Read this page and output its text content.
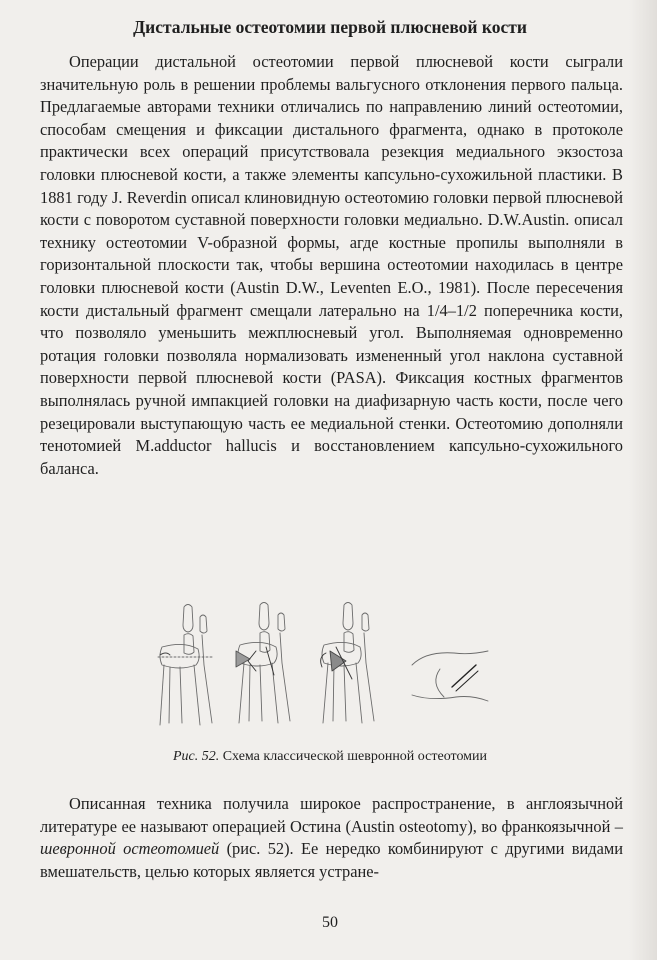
Дистальные остеотомии первой плюсневой кости
Операции дистальной остеотомии первой плюсневой кости сыграли значительную роль в решении проблемы вальгусного отклонения первого пальца. Предлагаемые авторами техники отличались по направлению линий остеотомии, способам смещения и фиксации дистального фрагмента, однако в протоколе практически всех операций присутствовала резекция медиального экзостоза головки плюсневой кости, а также элементы капсульно-сухожильной пластики. В 1881 году J. Reverdin описал клиновидную остеотомию головки первой плюсневой кости с поворотом суставной поверхности головки медиально. D.W.Austin. описал технику остеотомии V-образной формы, агде костные пропилы выполняли в горизонтальной плоскости так, чтобы вершина остеотомии находилась в центре головки плюсневой кости (Austin D.W., Leventen E.O., 1981). После пересечения кости дистальный фрагмент смещали латерально на 1/4–1/2 поперечника кости, что позволяло уменьшить межплюсневый угол. Выполняемая одновременно ротация головки позволяла нормализовать измененный угол наклона суставной поверхности первой плюсневой кости (PASA). Фиксация костных фрагментов выполнялась ручной импакцией головки на диафизарную часть кости, после чего резецировали выступающую часть ее медиальной стенки. Остеотомию дополняли тенотомией M.adductor hallucis и восстановлением капсульно-сухожильного баланса.
Рис. 52. Схема классической шевронной остеотомии
Описанная техника получила широкое распространение, в англоязычной литературе ее называют операцией Остина (Austin osteotomy), во франкоязычной – шевронной остеотомией (рис. 52). Ее нередко комбинируют с другими видами вмешательств, целью которых является устране-
50
